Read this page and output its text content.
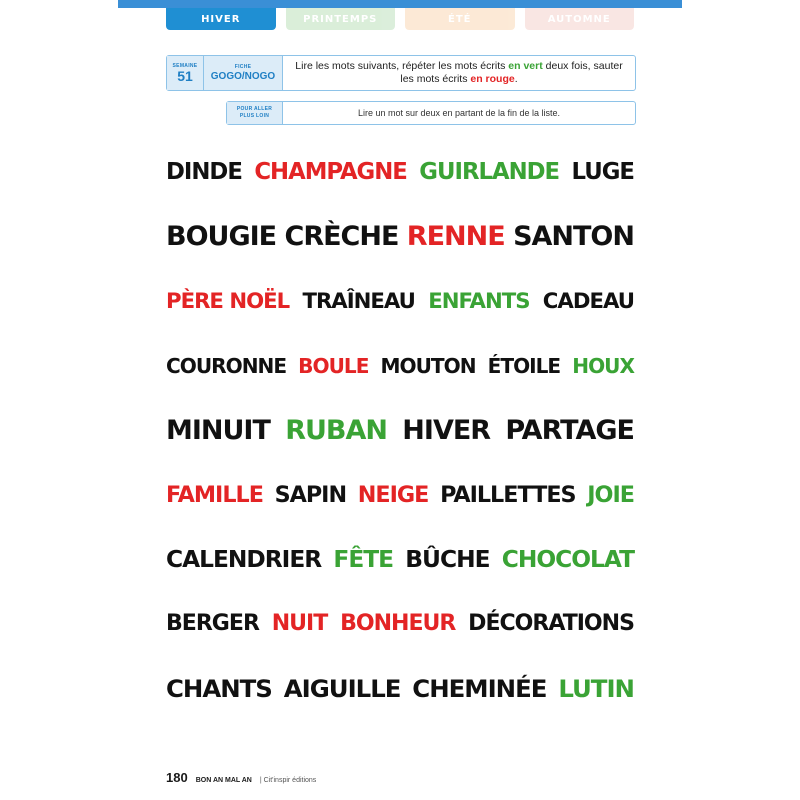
HIVER	PRINTEMPS	ÉTÉ	AUTOMNE
SEMAINE
51
FICHE
GOGO/NOGO
Lire les mots suivants, répéter les mots écrits en vert deux fois, sauter les mots écrits en rouge.
POUR ALLER
PLUS LOIN	Lire un mot sur deux en partant de la fin de la liste.
DINDE CHAMPAGNE GUIRLANDE LUGE
BOUGIE CRÈCHE RENNE SANTON
PÈRE NOËL TRAÎNEAU ENFANTS CADEAU
COURONNE BOULE MOUTON ÉTOILE HOUX
MINUIT RUBAN HIVER PARTAGE
FAMILLE SAPIN NEIGE PAILLETTES JOIE
CALENDRIER FÊTE BÛCHE CHOCOLAT
BERGER NUIT BONHEUR DÉCORATIONS
CHANTS AIGUILLE CHEMINÉE LUTIN
180 BON AN MAL AN | Cit'inspir éditions
